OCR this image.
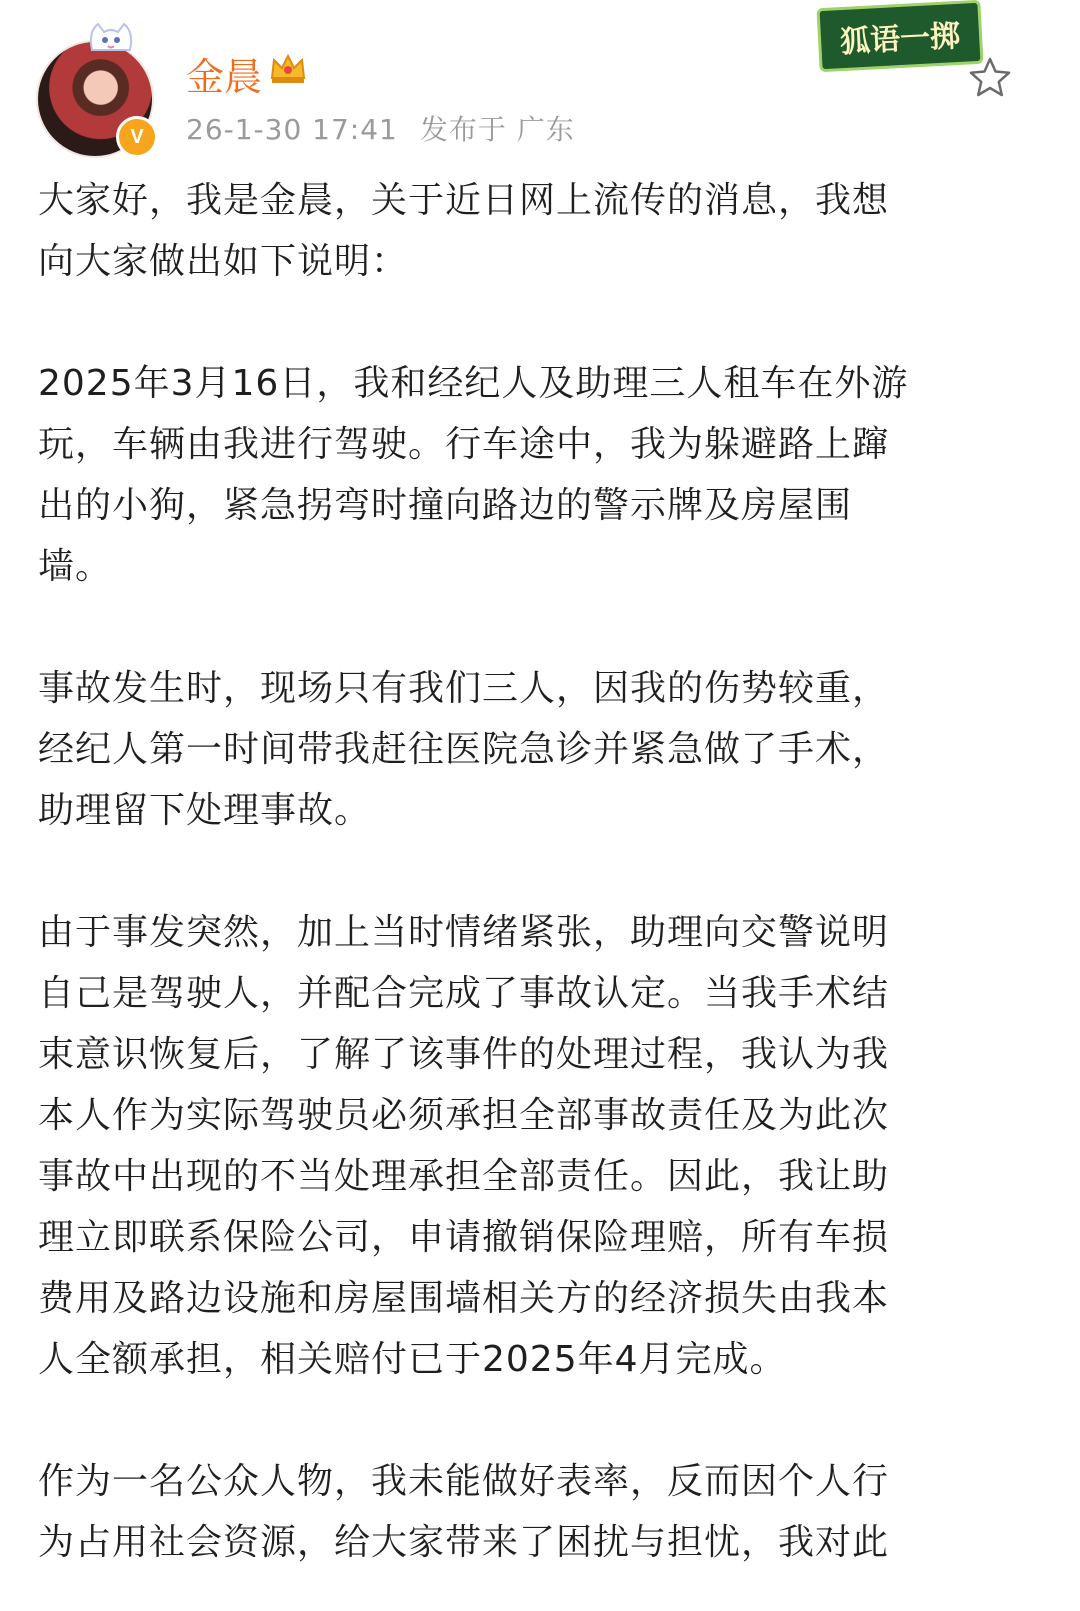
V
金晨
26-1-30 17:41 发布于 广东
狐语一掷

大家好，我是金晨，关于近日网上流传的消息，我想
向大家做出如下说明：

2025年3月16日，我和经纪人及助理三人租车在外游
玩，车辆由我进行驾驶。行车途中，我为躲避路上蹿
出的小狗，紧急拐弯时撞向路边的警示牌及房屋围
墙。

事故发生时，现场只有我们三人，因我的伤势较重，
经纪人第一时间带我赶往医院急诊并紧急做了手术，
助理留下处理事故。

由于事发突然，加上当时情绪紧张，助理向交警说明
自己是驾驶人，并配合完成了事故认定。当我手术结
束意识恢复后，了解了该事件的处理过程，我认为我
本人作为实际驾驶员必须承担全部事故责任及为此次
事故中出现的不当处理承担全部责任。因此，我让助
理立即联系保险公司，申请撤销保险理赔，所有车损
费用及路边设施和房屋围墙相关方的经济损失由我本
人全额承担，相关赔付已于2025年4月完成。

作为一名公众人物，我未能做好表率，反而因个人行
为占用社会资源，给大家带来了困扰与担忧，我对此
